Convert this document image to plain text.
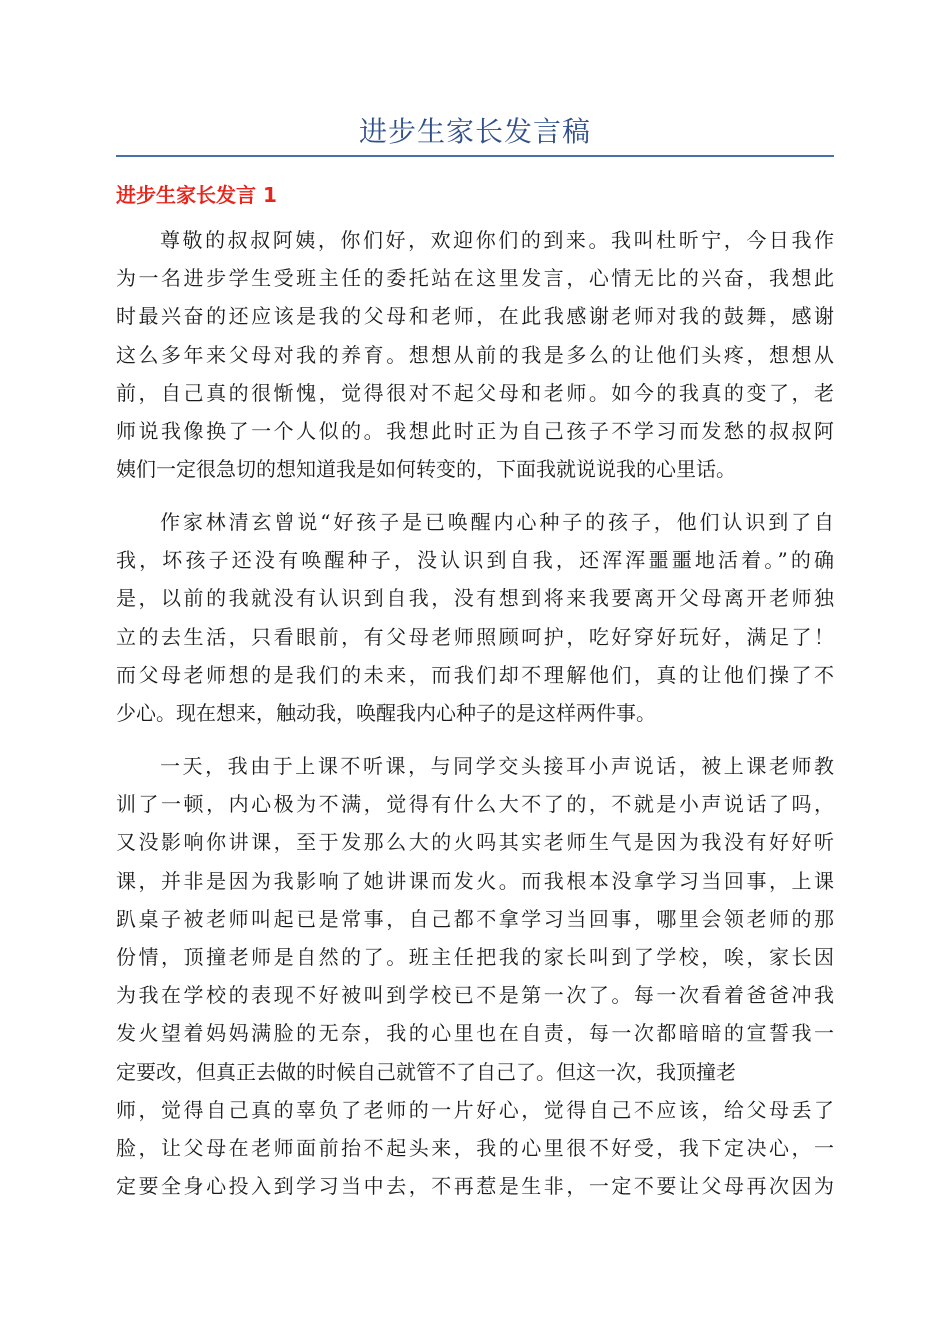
进步生家长发言稿
进步生家长发言 1
尊敬的叔叔阿姨，你们好，欢迎你们的到来。我叫杜昕宁，今日我作
为一名进步学生受班主任的委托站在这里发言，心情无比的兴奋，我想此
时最兴奋的还应该是我的父母和老师，在此我感谢老师对我的鼓舞，感谢
这么多年来父母对我的养育。想想从前的我是多么的让他们头疼，想想从
前，自己真的很惭愧，觉得很对不起父母和老师。如今的我真的变了，老
师说我像换了一个人似的。我想此时正为自己孩子不学习而发愁的叔叔阿
姨们一定很急切的想知道我是如何转变的，下面我就说说我的心里话。
作家林清玄曾说“好孩子是已唤醒内心种子的孩子，他们认识到了自
我，坏孩子还没有唤醒种子，没认识到自我，还浑浑噩噩地活着。”的确
是，以前的我就没有认识到自我，没有想到将来我要离开父母离开老师独
立的去生活，只看眼前，有父母老师照顾呵护，吃好穿好玩好，满足了！
而父母老师想的是我们的未来，而我们却不理解他们，真的让他们操了不
少心。现在想来，触动我，唤醒我内心种子的是这样两件事。
一天，我由于上课不听课，与同学交头接耳小声说话，被上课老师教
训了一顿，内心极为不满，觉得有什么大不了的，不就是小声说话了吗，
又没影响你讲课，至于发那么大的火吗其实老师生气是因为我没有好好听
课，并非是因为我影响了她讲课而发火。而我根本没拿学习当回事，上课
趴桌子被老师叫起已是常事，自己都不拿学习当回事，哪里会领老师的那
份情，顶撞老师是自然的了。班主任把我的家长叫到了学校，唉，家长因
为我在学校的表现不好被叫到学校已不是第一次了。每一次看着爸爸冲我
发火望着妈妈满脸的无奈，我的心里也在自责，每一次都暗暗的宣誓我一
定要改，但真正去做的时候自己就管不了自己了。但这一次，我顶撞老
师，觉得自己真的辜负了老师的一片好心，觉得自己不应该，给父母丢了
脸，让父母在老师面前抬不起头来，我的心里很不好受，我下定决心，一
定要全身心投入到学习当中去，不再惹是生非，一定不要让父母再次因为
